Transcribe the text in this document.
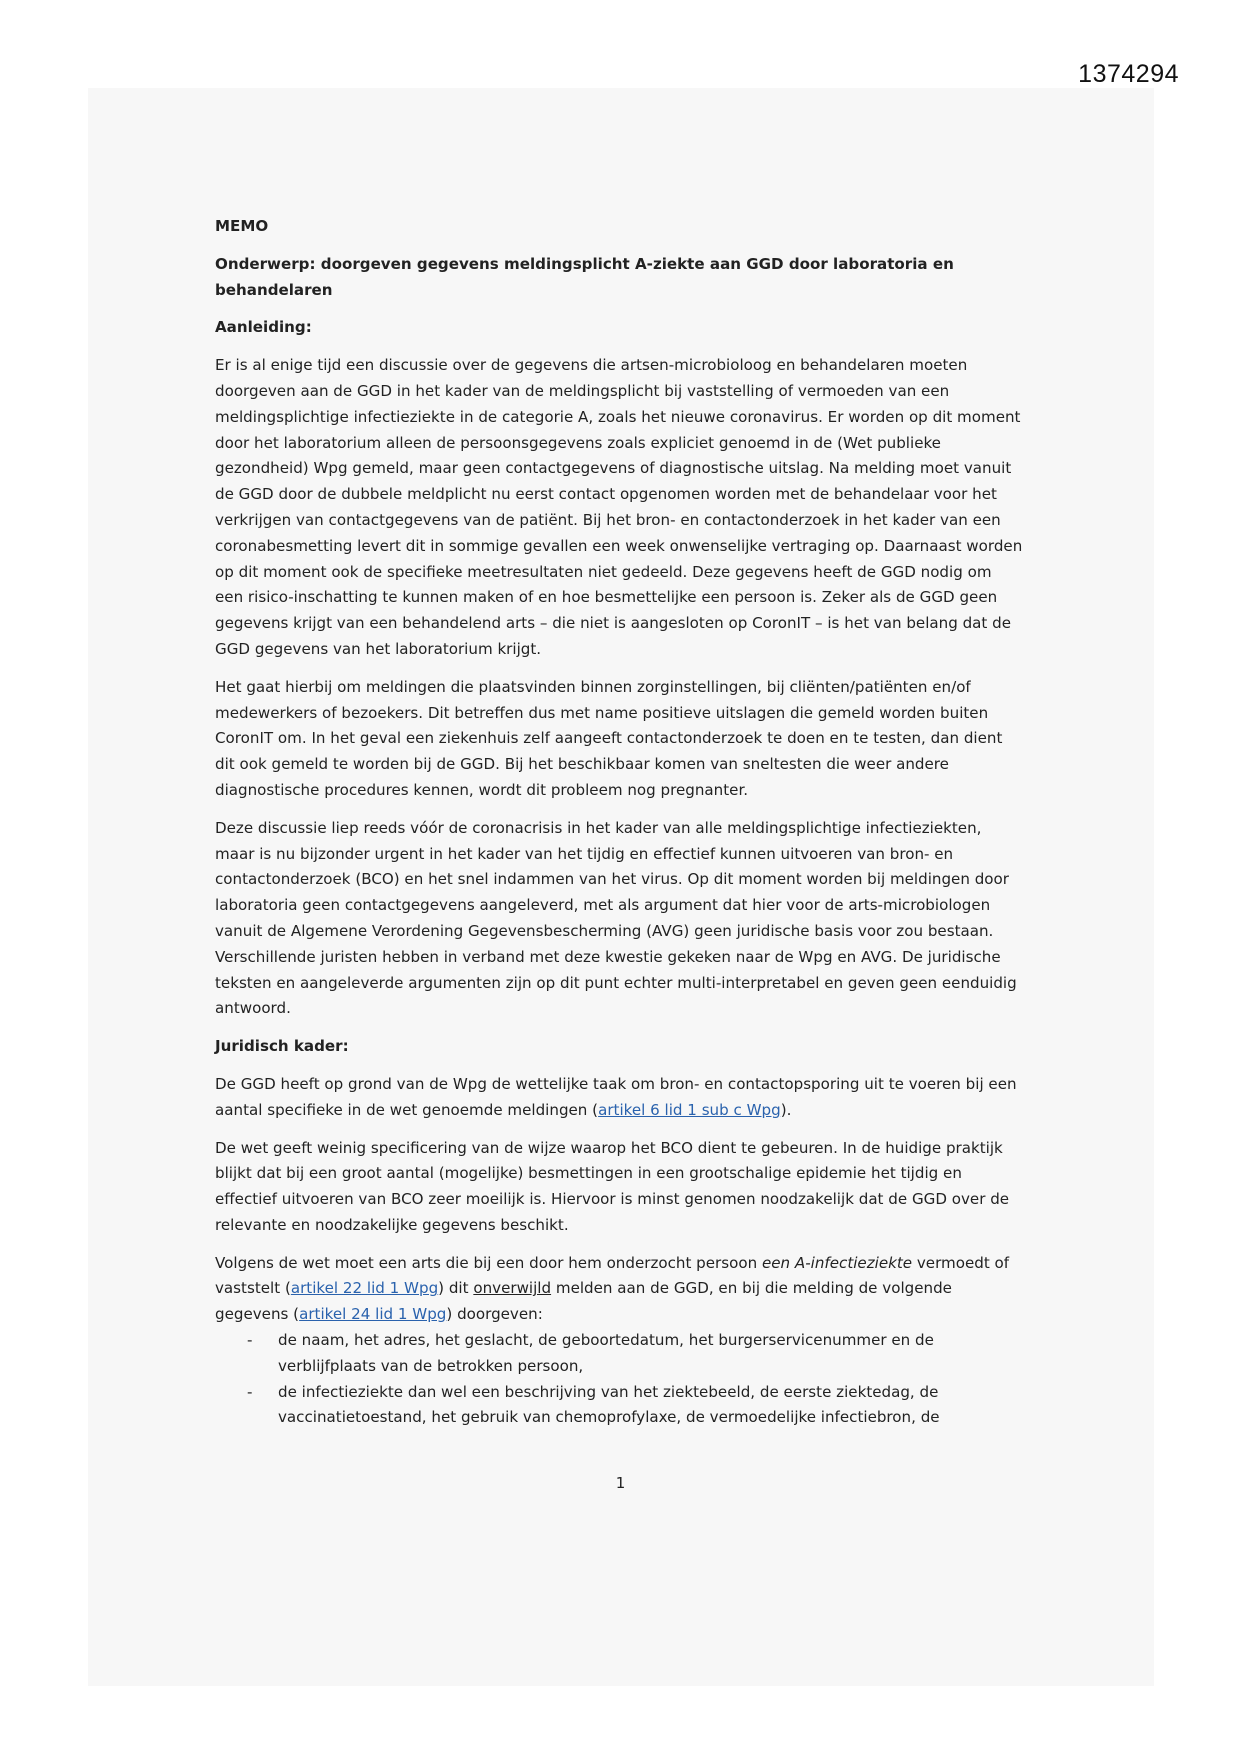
1374294
MEMO
Onderwerp: doorgeven gegevens meldingsplicht A-ziekte aan GGD door laboratoria en behandelaren
Aanleiding:

Er is al enige tijd een discussie over de gegevens die artsen-microbioloog en behandelaren moeten doorgeven aan de GGD in het kader van de meldingsplicht bij vaststelling of vermoeden van een meldingsplichtige infectieziekte in de categorie A, zoals het nieuwe coronavirus. Er worden op dit moment door het laboratorium alleen de persoonsgegevens zoals expliciet genoemd in de (Wet publieke gezondheid) Wpg gemeld, maar geen contactgegevens of diagnostische uitslag. Na melding moet vanuit de GGD door de dubbele meldplicht nu eerst contact opgenomen worden met de behandelaar voor het verkrijgen van contactgegevens van de patiënt. Bij het bron- en contactonderzoek in het kader van een coronabesmetting levert dit in sommige gevallen een week onwenselijke vertraging op. Daarnaast worden op dit moment ook de specifieke meetresultaten niet gedeeld. Deze gegevens heeft de GGD nodig om een risico-inschatting te kunnen maken of en hoe besmettelijke een persoon is. Zeker als de GGD geen gegevens krijgt van een behandelend arts – die niet is aangesloten op CoronIT – is het van belang dat de GGD gegevens van het laboratorium krijgt.

Het gaat hierbij om meldingen die plaatsvinden binnen zorginstellingen, bij cliënten/patiënten en/of medewerkers of bezoekers. Dit betreffen dus met name positieve uitslagen die gemeld worden buiten CoronIT om. In het geval een ziekenhuis zelf aangeeft contactonderzoek te doen en te testen, dan dient dit ook gemeld te worden bij de GGD. Bij het beschikbaar komen van sneltesten die weer andere diagnostische procedures kennen, wordt dit probleem nog pregnanter.

Deze discussie liep reeds vóór de coronacrisis in het kader van alle meldingsplichtige infectieziekten, maar is nu bijzonder urgent in het kader van het tijdig en effectief kunnen uitvoeren van bron- en contactonderzoek (BCO) en het snel indammen van het virus. Op dit moment worden bij meldingen door laboratoria geen contactgegevens aangeleverd, met als argument dat hier voor de arts-microbiologen vanuit de Algemene Verordening Gegevensbescherming (AVG) geen juridische basis voor zou bestaan. Verschillende juristen hebben in verband met deze kwestie gekeken naar de Wpg en AVG. De juridische teksten en aangeleverde argumenten zijn op dit punt echter multi-interpretabel en geven geen eenduidig antwoord.

Juridisch kader:

De GGD heeft op grond van de Wpg de wettelijke taak om bron- en contactopsporing uit te voeren bij een aantal specifieke in de wet genoemde meldingen (artikel 6 lid 1 sub c Wpg).

De wet geeft weinig specificering van de wijze waarop het BCO dient te gebeuren. In de huidige praktijk blijkt dat bij een groot aantal (mogelijke) besmettingen in een grootschalige epidemie het tijdig en effectief uitvoeren van BCO zeer moeilijk is. Hiervoor is minst genomen noodzakelijk dat de GGD over de relevante en noodzakelijke gegevens beschikt.

Volgens de wet moet een arts die bij een door hem onderzocht persoon een A-infectieziekte vermoedt of vaststelt (artikel 22 lid 1 Wpg) dit onverwijld melden aan de GGD, en bij die melding de volgende gegevens (artikel 24 lid 1 Wpg) doorgeven:

- de naam, het adres, het geslacht, de geboortedatum, het burgerservicenummer en de verblijfplaats van de betrokken persoon,
- de infectieziekte dan wel een beschrijving van het ziektebeeld, de eerste ziektedag, de vaccinatietoestand, het gebruik van chemoprofylaxe, de vermoedelijke infectiebron, de
1
